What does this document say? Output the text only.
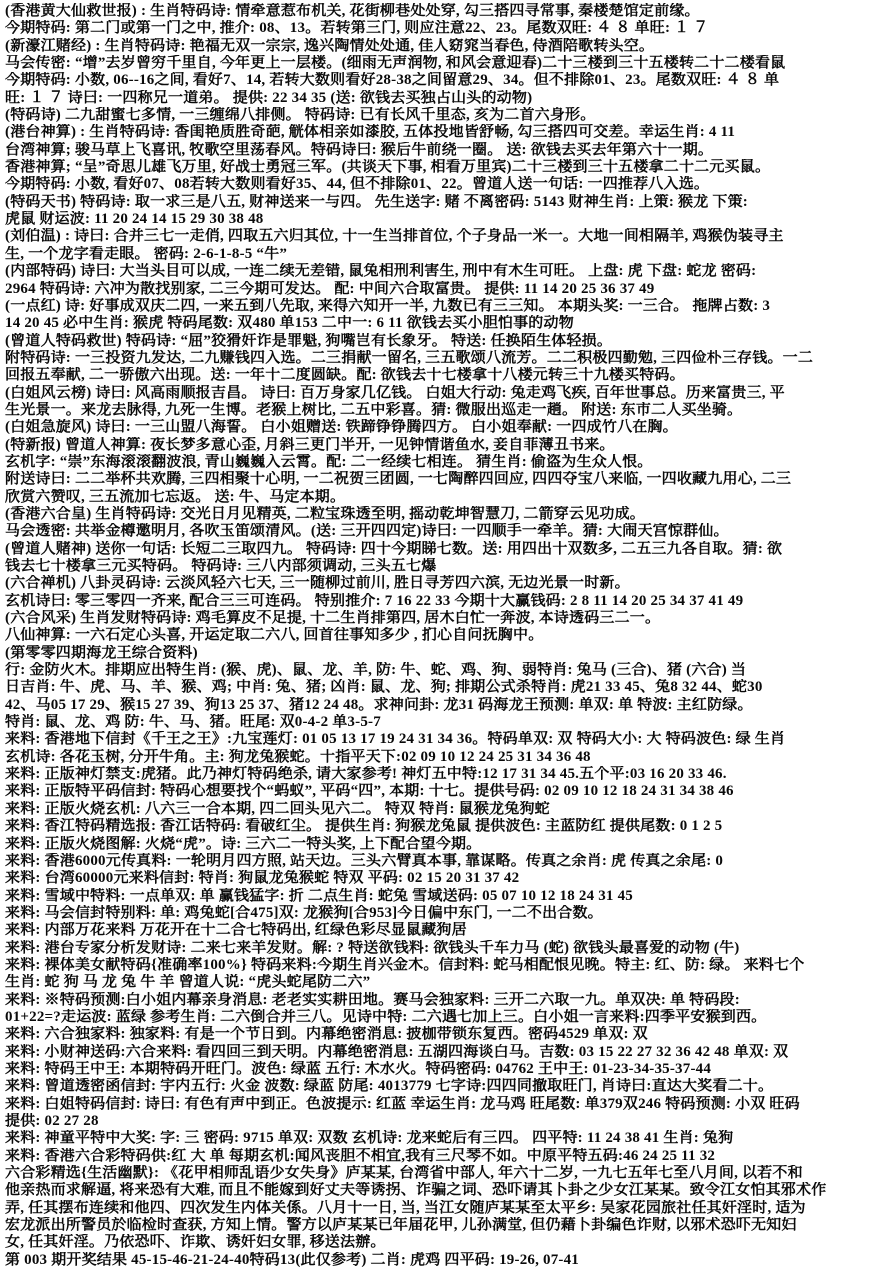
(香港黄大仙救世报) : 生肖特码诗: 情牵意惹布机关, 花街柳巷处处穿, 勾三搭四寻常事, 秦楼楚馆定前缘。
今期特码: 第二门或第一门之中, 推介: 08、13。若转第三门, 则应注意22、23。尾数双旺: ４ ８ 单旺: １ ７
(新濠江赌经) : 生肖特码诗: 艳福无双一宗宗, 逸兴陶情处处通, 佳人窈窕当春色, 侍酒陪歌转头空。
马会传密: “增”去岁曾穷千里自, 今年更上一层楼。(细雨无声润物, 和风会意迎春)二十三楼到三十五楼转二十二楼看鼠
今期特码: 小数, 06--16之间, 看好7、14, 若转大数则看好28-38之间留意29、34。但不排除01、23。尾数双旺: ４ ８ 单
旺: １ ７ 诗曰: 一四称兄一道弟。 提供: 22 34 35 (送: 欲钱去买独占山头的动物)
(特码诗) 二九甜蜜七多情, 一三缠绵八排侧。 特码诗: 已有长风千里态, 亥为二首六身形。
(港台神算) : 生肖特码诗: 香闺艳质胜奇葩, 觥体相亲如漆胶, 五体投地皆舒畅, 勾三搭四可交差。幸运生肖: 4 11
台湾神算; 骏马草上飞喜讯, 牧歌空里荡春风。特码诗曰: 猴后牛前绕一圈。 送: 欲钱去买去年第六十一期。
香港神算; “呈”奇思儿雄飞万里, 好战士勇冠三军。(共谈天下事, 相看万里宾)二十三楼到三十五楼拿二十二元买鼠。
今期特码: 小数, 看好07、08若转大数则看好35、44, 但不排除01、22。曾道人送一句话: 一四推荐八入选。
(特码天书) 特码诗: 取一求三是八五, 财神送来一与四。 先生送字: 赌 不离密码: 5143 财神生肖: 上策: 猴龙 下策:
虎鼠 财运波: 11 20 24 14 15 29 30 38 48
(刘伯温) : 诗曰: 合并三七一走俏, 四取五六归其位, 十一生当排首位, 个子身品一米一。大地一间相隔羊, 鸡猴伪装寻主
生, 一个龙字看走眼。 密码: 2-6-1-8-5 “牛”
(内部特码) 诗曰: 大当头目可以成, 一连二续无差错, 鼠兔相刑利害生, 刑中有木生可旺。 上盘: 虎 下盘: 蛇龙 密码:
2964 特码诗: 六冲为散找别家, 二三今期可发达。 配: 中间六合取富贵。 提供: 11 14 20 25 36 37 49
(一点红) 诗: 好事成双庆二四, 一来五到八先取, 来得六知开一半, 九数已有三三知。 本期头奖: 一三合。 拖牌占数: 3
14 20 45 必中生肖: 猴虎 特码尾数: 双480 单153 二中一: 6 11 欲钱去买小胆怕事的动物
(曾道人特码救世) 特码诗: “屈”狡猾奸诈是罪魁, 狗嘴岂有长象牙。 特送: 任换陌生体轻损。
附特码诗: 一三投资九发达, 二九赚钱四入选。二三捐献一留名, 三五歌颂八流芳。二二积极四勤勉, 三四俭朴三存钱。一二
回报五奉献, 二一骄傲六出现。送: 一年十二度圆缺。配: 欲钱去十七楼拿十八楼元转三十九楼买特码。
(白姐风云榜) 诗曰: 风高雨顺报吉昌。 诗曰: 百万身家几亿钱。 白姐大行动: 兔走鸡飞疾, 百年世事总。历来富贵三, 平
生光景一。来龙去脉得, 九死一生博。老猴上树比, 二五中彩喜。猜: 微服出巡走一趟。 附送: 东市二人买坐骑。
(白姐急旋风) 诗曰: 一三山盟八海誓。 白小姐赠送: 铁蹄铮铮腾四方。 白小姐奉献: 一四成竹八在胸。
(特新报) 曾道人神算: 夜长梦多意心歪, 月斜三更门半开, 一见钟情谐鱼水, 妾自菲薄丑书来。
玄机字: “崇”东海滚滚翻波浪, 青山巍巍入云霄。配: 二一经续七相连。 猜生肖: 偷盗为生众人恨。
附送诗曰: 二二举杯共欢腾, 三四相聚十心明, 一二祝贺三团圆, 一七陶醉四回应, 四四夺宝八来临, 一四收藏九用心, 二三
欣赏六赞叹, 三五流加七忘返。 送: 牛、马定本期。
(香港六合皇) 生肖特码诗: 交光日月见精英, 二粒宝珠透至明, 摇动乾坤智慧刀, 二箭穿云见功成。
马会透密: 共举金樽邀明月, 各吹玉笛颂清风。(送: 三开四四定)诗曰: 一四顺手一牵羊。猜: 大闹天宫惊群仙。
(曾道人赌神) 送你一句话: 长短二三取四九。 特码诗: 四十今期睇七数。送: 用四出十双数多, 二五三九各自取。猜: 欲
钱去七十楼拿三元买特码。 特码诗: 三八内部须调动, 三头五七爆
(六合禅机) 八卦灵码诗: 云淡风轻六七天, 三一随柳过前川, 胜日寻芳四六滨, 无边光景一时新。
玄机诗曰: 零三零四一齐来, 配合三三可连码。 特别推介: 7 16 22 33 今期十大赢钱码: 2 8 11 14 20 25 34 37 41 49
(六合风采) 生肖发财特码诗: 鸡毛算皮不足提, 十二生肖排第四, 居木白忙一奔波, 本诗透码三二一。
八仙神算: 一六石定心头喜, 开运定取二六八, 回首往事知多少 , 扪心自问抚胸中。
(第零零四期海龙王综合资料)
行: 金防火木。排期应出特生肖: (猴、虎)、鼠、龙、羊, 防: 牛、蛇、鸡、狗、弱特肖: 兔马 (三合)、猪 (六合) 当
日吉肖: 牛、虎、马、羊、猴、鸡; 中肖: 兔、猪; 凶肖: 鼠、龙、狗; 排期公式杀特肖: 虎21 33 45、兔8 32 44、蛇30
42、马05 17 29、猴15 27 39、狗13 25 37、猪12 24 48。求神问卦: 龙31 码海龙王预测: 单双: 单 特波: 主红防绿。
特肖: 鼠、龙、鸡 防: 牛、马、猪。旺尾: 双0-4-2 单3-5-7
来料: 香港地下信封《千王之王》:九宝莲灯: 01 05 13 17 19 24 31 34 36。特码单双: 双 特码大小: 大 特码波色: 绿 生肖
玄机诗: 各花玉树, 分开牛角。主: 狗龙兔猴蛇。十指平天下:02 09 10 12 24 25 31 34 36 48
来料: 正版神灯禁支:虎猪。此乃神灯特码绝杀, 请大家参考! 神灯五中特:12 17 31 34 45.五个平:03 16 20 33 46.
来料: 正版特平码信封: 特码心想要找个“蚂蚁”, 平码“四”, 本期: 十七。提供号码: 02 09 10 12 18 24 31 34 38 46
来料: 正版火烧玄机: 八六三一合本期, 四二回头见六二。 特双 特肖: 鼠猴龙兔狗蛇
来料: 香江特码精选报: 香江话特码: 看破红尘。 提供生肖: 狗猴龙兔鼠 提供波色: 主蓝防红 提供尾数: 0 1 2 5
来料: 正版火烧图解: 火烧“虎”。诗: 三六二一特头奖, 上下配合望今期。
来料: 香港6000元传真料: 一轮明月四方照, 站天边。三头六臂真本事, 靠谋略。传真之余肖: 虎 传真之余尾: 0
来料: 台湾60000元来料信封: 特肖: 狗鼠龙兔猴蛇 特双 平码: 02 15 20 31 37 42
来料: 雪域中特料: 一点单双: 单 赢钱猛字: 折 二点生肖: 蛇兔 雪域送码: 05 07 10 12 18 24 31 45
来料: 马会信封特别料: 单: 鸡兔蛇[合475]双: 龙猴狗[合953]今日偏中东门, 一二不出合数。
来料: 内部万花来料 万花开在十二合七特码出, 红绿色彩尽显鼠藏狗居
来料: 港台专家分析发财诗: 二来七来羊发财。解: ? 特送欲钱料: 欲钱头千车力马 (蛇) 欲钱头最喜爱的动物 (牛)
来料: 裸体美女献特码{准确率100%} 特码来料:今期生肖兴金木。信封料: 蛇马相配恨见晚。特主: 红、防: 绿。 来料七个
生肖: 蛇 狗 马 龙 兔 牛 羊 曾道人说: “虎头蛇尾防二六”
来料: ※特码预测:白小姐内幕亲身消息: 老老实实耕田地。赛马会独家料: 三开二六取一九。单双决: 单 特码段:
01+22=?走运波: 蓝绿 参考生肖: 二六倒合并三八。见诗中特: 二六遇七加上三。白小姐一言来料:四季平安猴到西。
来料: 六合独家料: 独家料: 有是一个节日到。内幕绝密消息: 披枷带锁东复西。密码4529 单双: 双
来料: 小财神送码:六合来料: 看四回三到天明。内幕绝密消息: 五湖四海谈白马。吉数: 03 15 22 27 32 36 42 48 单双: 双
来料: 特码王中王: 本期特码开旺门。波色: 绿蓝 五行: 木水火。特码密码: 04762 王中王: 01-23-34-35-37-44
来料: 曾道透密函信封: 宇内五行: 火金 波数: 绿蓝 防尾: 4013779 七字诗:四四同撤取旺门, 肖诗曰:直达大奖看二十。
来料: 白姐特码信封: 诗曰: 有色有声中到正。色波提示: 红蓝 幸运生肖: 龙马鸡 旺尾数: 单379双246 特码预测: 小双 旺码
提供: 02 27 28
来料: 神童平特中大奖: 字: 三 密码: 9715 单双: 双数 玄机诗: 龙来蛇后有三四。 四平特: 11 24 38 41 生肖: 兔狗
来料: 香港六合彩特码供:红 大 单 每期玄机:闻风丧胆不相宜,我有三尺琴不如。中原平特五码:46 24 25 11 32
六合彩精选{生活幽默}: 《花甲相师乱语少女失身》庐某某, 台湾省中部人, 年六十二岁, 一九七五年七至八月间, 以若不和
他亲热而求解逼, 将来恐有大难, 而且不能嫁到好丈夫等诱拐、诈骗之词、恐吓请其卜卦之少女江某某。致令江女怕其邪术作
弄, 任其摆布连续和他四、四次发生内体关係。八月十一日, 当, 当江女随庐某某至太平乡: 吴家花园旅社任其奸淫时, 适为
宏龙派出所警员於临检时查获, 方知上情。警方以庐某某已年届花甲, 儿孙满堂, 但仍藉卜卦编色诈财, 以邪术恐吓无知妇
女, 任其奸淫。乃依恐吓、诈欺、诱奸妇女罪, 移送法辦。
第 003 期开奖结果 45-15-46-21-24-40特码13(此仅参考) 二肖: 虎鸡 四平码: 19-26, 07-41
